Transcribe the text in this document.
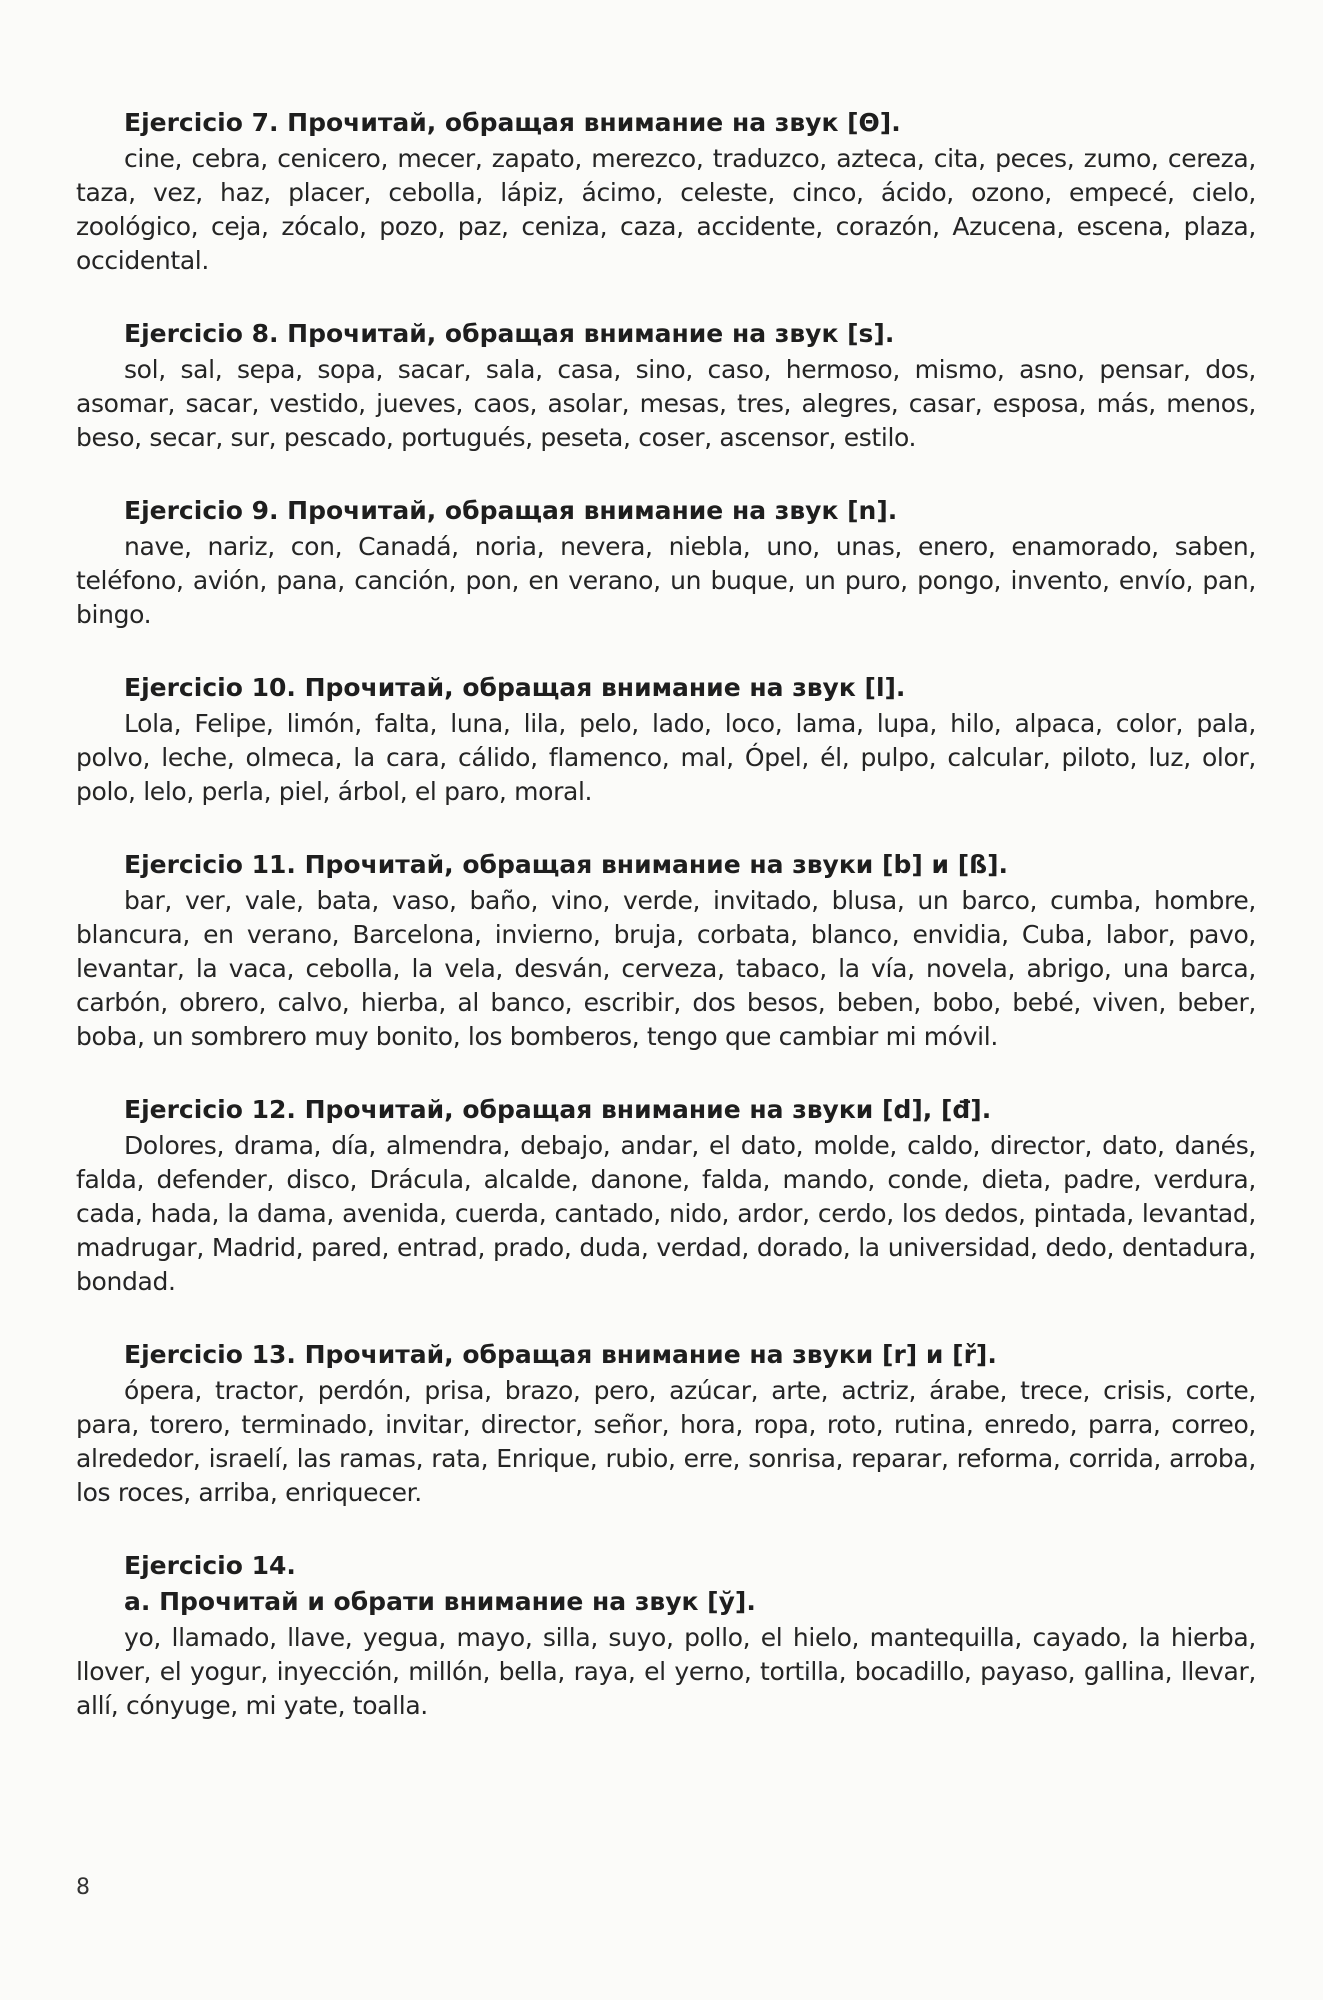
Ejercicio 7. Прочитай, обращая внимание на звук [Θ].

cine, cebra, cenicero, mecer, zapato, merezco, traduzco, azteca, cita, peces, zumo, cereza, taza, vez, haz, placer, cebolla, lápiz, ácimo, celeste, cinco, ácido, ozono, empecé, cielo, zoológico, ceja, zócalo, pozo, paz, ceniza, caza, accidente, corazón, Azucena, escena, plaza, occidental.

Ejercicio 8. Прочитай, обращая внимание на звук [s].

sol, sal, sepa, sopa, sacar, sala, casa, sino, caso, hermoso, mismo, asno, pensar, dos, asomar, sacar, vestido, jueves, caos, asolar, mesas, tres, alegres, casar, esposa, más, menos, beso, secar, sur, pescado, portugués, peseta, coser, ascensor, estilo.

Ejercicio 9. Прочитай, обращая внимание на звук [n].

nave, nariz, con, Canadá, noria, nevera, niebla, uno, unas, enero, enamorado, saben, teléfono, avión, pana, canción, pon, en verano, un buque, un puro, pongo, invento, envío, pan, bingo.

Ejercicio 10. Прочитай, обращая внимание на звук [l].

Lola, Felipe, limón, falta, luna, lila, pelo, lado, loco, lama, lupa, hilo, alpaca, color, pala, polvo, leche, olmeca, la cara, cálido, flamenco, mal, Ópel, él, pulpo, calcular, piloto, luz, olor, polo, lelo, perla, piel, árbol, el paro, moral.

Ejercicio 11. Прочитай, обращая внимание на звуки [b] и [ß].

bar, ver, vale, bata, vaso, baño, vino, verde, invitado, blusa, un barco, cumba, hombre, blancura, en verano, Barcelona, invierno, bruja, corbata, blanco, envidia, Cuba, labor, pavo, levantar, la vaca, cebolla, la vela, desván, cerveza, tabaco, la vía, novela, abrigo, una barca, carbón, obrero, calvo, hierba, al banco, escribir, dos besos, beben, bobo, bebé, viven, beber, boba, un sombrero muy bonito, los bomberos, tengo que cambiar mi móvil.

Ejercicio 12. Прочитай, обращая внимание на звуки [d], [đ].

Dolores, drama, día, almendra, debajo, andar, el dato, molde, caldo, director, dato, danés, falda, defender, disco, Drácula, alcalde, danone, falda, mando, conde, dieta, padre, verdura, cada, hada, la dama, avenida, cuerda, cantado, nido, ardor, cerdo, los dedos, pintada, levantad, madrugar, Madrid, pared, entrad, prado, duda, verdad, dorado, la universidad, dedo, dentadura, bondad.

Ejercicio 13. Прочитай, обращая внимание на звуки [r] и [ř].

ópera, tractor, perdón, prisa, brazo, pero, azúcar, arte, actriz, árabe, trece, crisis, corte, para, torero, terminado, invitar, director, señor, hora, ropa, roto, rutina, enredo, parra, correo, alrededor, israelí, las ramas, rata, Enrique, rubio, erre, sonrisa, reparar, reforma, corrida, arroba, los roces, arriba, enriquecer.

Ejercicio 14.
a. Прочитай и обрати внимание на звук [ў].

yo, llamado, llave, yegua, mayo, silla, suyo, pollo, el hielo, mantequilla, cayado, la hierba, llover, el yogur, inyección, millón, bella, raya, el yerno, tortilla, bocadillo, payaso, gallina, llevar, allí, cónyuge, mi yate, toalla.

8
